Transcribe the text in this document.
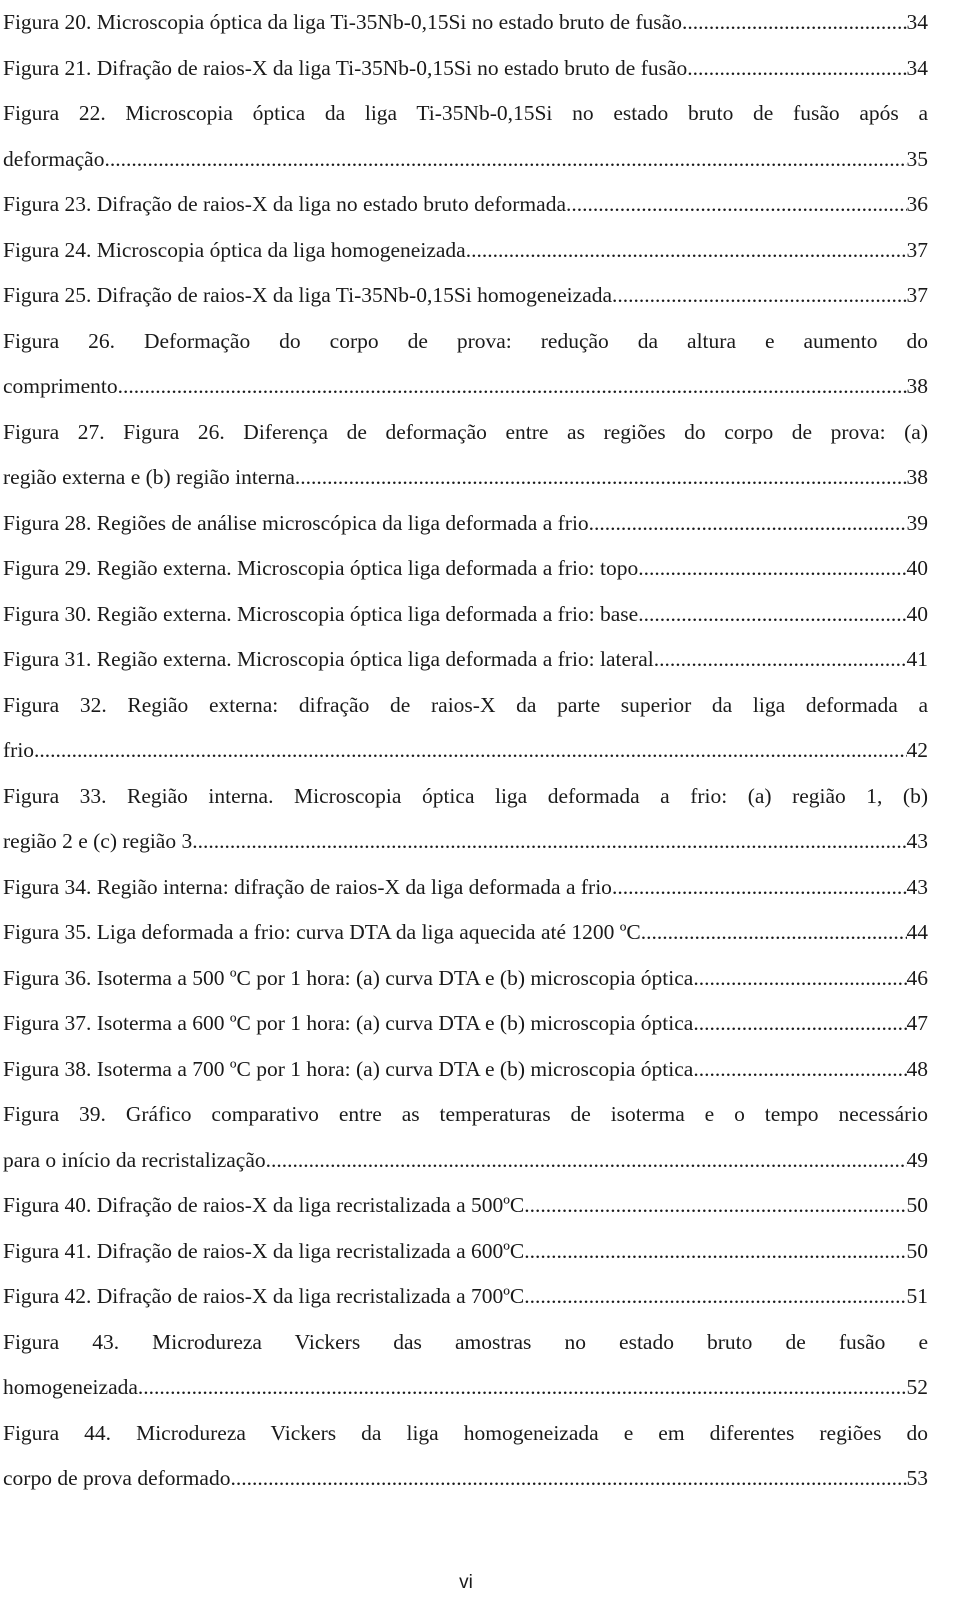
Figura 20. Microscopia óptica da liga Ti-35Nb-0,15Si no estado bruto de fusão .....	34
Figura 21. Difração de raios-X da liga Ti-35Nb-0,15Si no estado bruto de fusão .....	34
Figura 22. Microscopia óptica da liga Ti-35Nb-0,15Si no estado bruto de fusão após a
deformação .....	35
Figura 23. Difração de raios-X da liga no estado bruto deformada .....	36
Figura 24. Microscopia óptica da liga homogeneizada .....	37
Figura 25. Difração de raios-X da liga Ti-35Nb-0,15Si homogeneizada .....	37
Figura 26. Deformação do corpo de prova: redução da altura e aumento do
comprimento .....	38
Figura 27. Figura 26. Diferença de deformação entre as regiões do corpo de prova: (a)
região externa e (b) região interna .....	38
Figura 28. Regiões de análise microscópica da liga deformada a frio. .....	39
Figura 29. Região externa. Microscopia óptica liga deformada a frio: topo .....	40
Figura 30. Região externa. Microscopia óptica liga deformada a frio: base .....	40
Figura 31. Região externa. Microscopia óptica liga deformada a frio: lateral .....	41
Figura 32. Região externa: difração de raios-X da parte superior da liga deformada a
frio .....	42
Figura 33. Região interna. Microscopia óptica liga deformada a frio: (a) região 1, (b)
região 2 e (c) região 3 .....	43
Figura 34. Região interna: difração de raios-X da liga deformada a frio .....	43
Figura 35. Liga deformada a frio: curva DTA da liga aquecida até 1200 ºC .....	44
Figura 36. Isoterma a 500 ºC por 1 hora: (a) curva DTA e (b) microscopia óptica .....	46
Figura 37. Isoterma a 600 ºC por 1 hora: (a) curva DTA e (b) microscopia óptica .....	47
Figura 38. Isoterma a 700 ºC por 1 hora: (a) curva DTA e (b) microscopia óptica .....	48
Figura 39. Gráfico comparativo entre as temperaturas de isoterma e o tempo necessário
para o início da recristalização .....	49
Figura 40. Difração de raios-X da liga recristalizada a 500ºC .....	50
Figura 41. Difração de raios-X da liga recristalizada a 600ºC .....	50
Figura 42. Difração de raios-X da liga recristalizada a 700ºC .....	51
Figura 43. Microdureza Vickers das amostras no estado bruto de fusão e
homogeneizada .....	52
Figura 44. Microdureza Vickers da liga homogeneizada e em diferentes regiões do
corpo de prova deformado .....	53
vi
